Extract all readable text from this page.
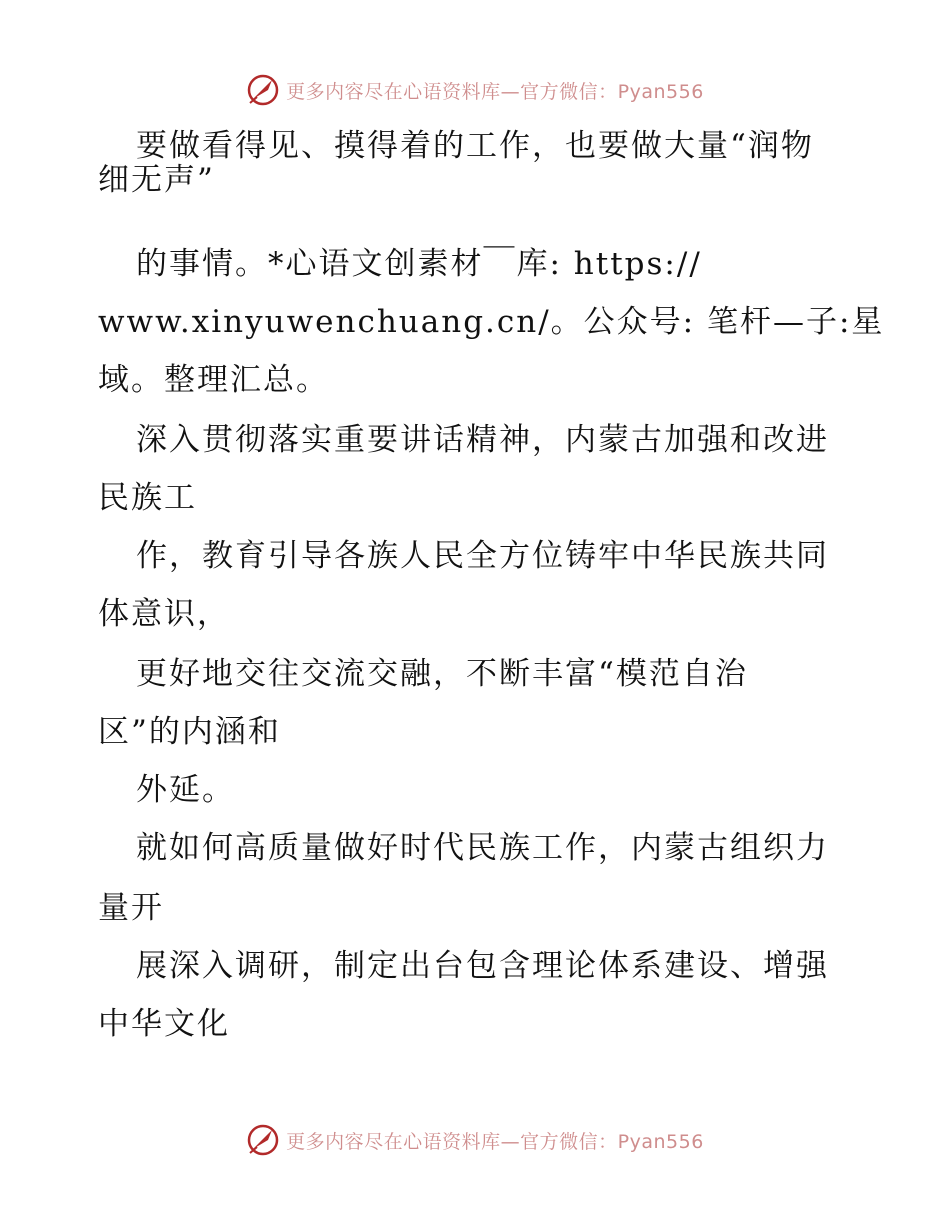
更多内容尽在心语资料库—官方微信：Pyan556
要做看得见、摸得着的工作，也要做大量“润物
细无声”
的事情。*心语文创素材￣库: https://
www.xinyuwenchuang.cn/。公众号: 笔杆—子:星
域。整理汇总。
深入贯彻落实重要讲话精神，内蒙古加强和改进
民族工
作，教育引导各族人民全方位铸牢中华民族共同
体意识，
更好地交往交流交融，不断丰富“模范自治
区”的内涵和
外延。
就如何高质量做好时代民族工作，内蒙古组织力
量开
展深入调研，制定出台包含理论体系建设、增强
中华文化
更多内容尽在心语资料库—官方微信：Pyan556
